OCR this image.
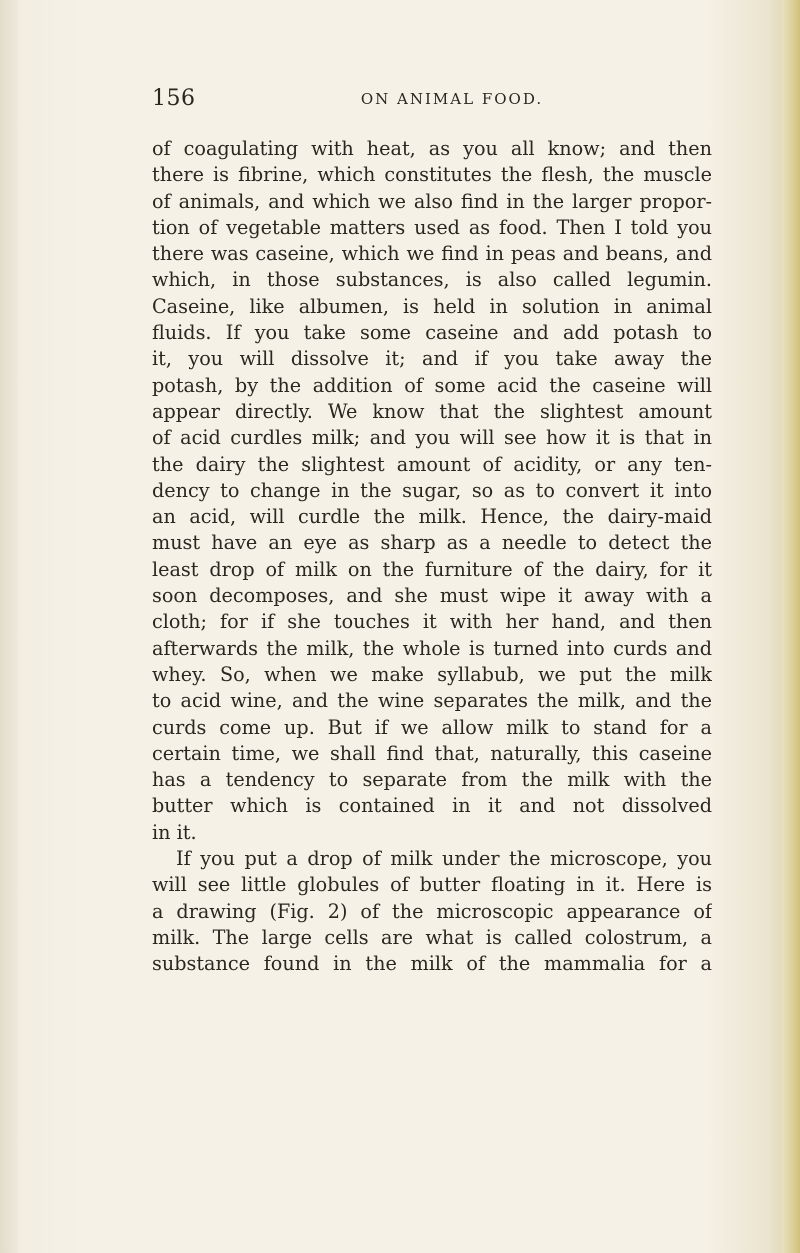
156	ON ANIMAL FOOD.
of coagulating with heat, as you all know; and then
there is fibrine, which constitutes the flesh, the muscle
of animals, and which we also find in the larger propor-
tion of vegetable matters used as food. Then I told you
there was caseine, which we find in peas and beans, and
which, in those substances, is also called legumin.
Caseine, like albumen, is held in solution in animal
fluids. If you take some caseine and add potash to
it, you will dissolve it; and if you take away the
potash, by the addition of some acid the caseine will
appear directly. We know that the slightest amount
of acid curdles milk; and you will see how it is that in
the dairy the slightest amount of acidity, or any ten-
dency to change in the sugar, so as to convert it into
an acid, will curdle the milk. Hence, the dairy-maid
must have an eye as sharp as a needle to detect the
least drop of milk on the furniture of the dairy, for it
soon decomposes, and she must wipe it away with a
cloth; for if she touches it with her hand, and then
afterwards the milk, the whole is turned into curds and
whey. So, when we make syllabub, we put the milk
to acid wine, and the wine separates the milk, and the
curds come up. But if we allow milk to stand for a
certain time, we shall find that, naturally, this caseine
has a tendency to separate from the milk with the
butter which is contained in it and not dissolved
in it.
If you put a drop of milk under the microscope, you
will see little globules of butter floating in it. Here is
a drawing (Fig. 2) of the microscopic appearance of
milk. The large cells are what is called colostrum, a
substance found in the milk of the mammalia for a
